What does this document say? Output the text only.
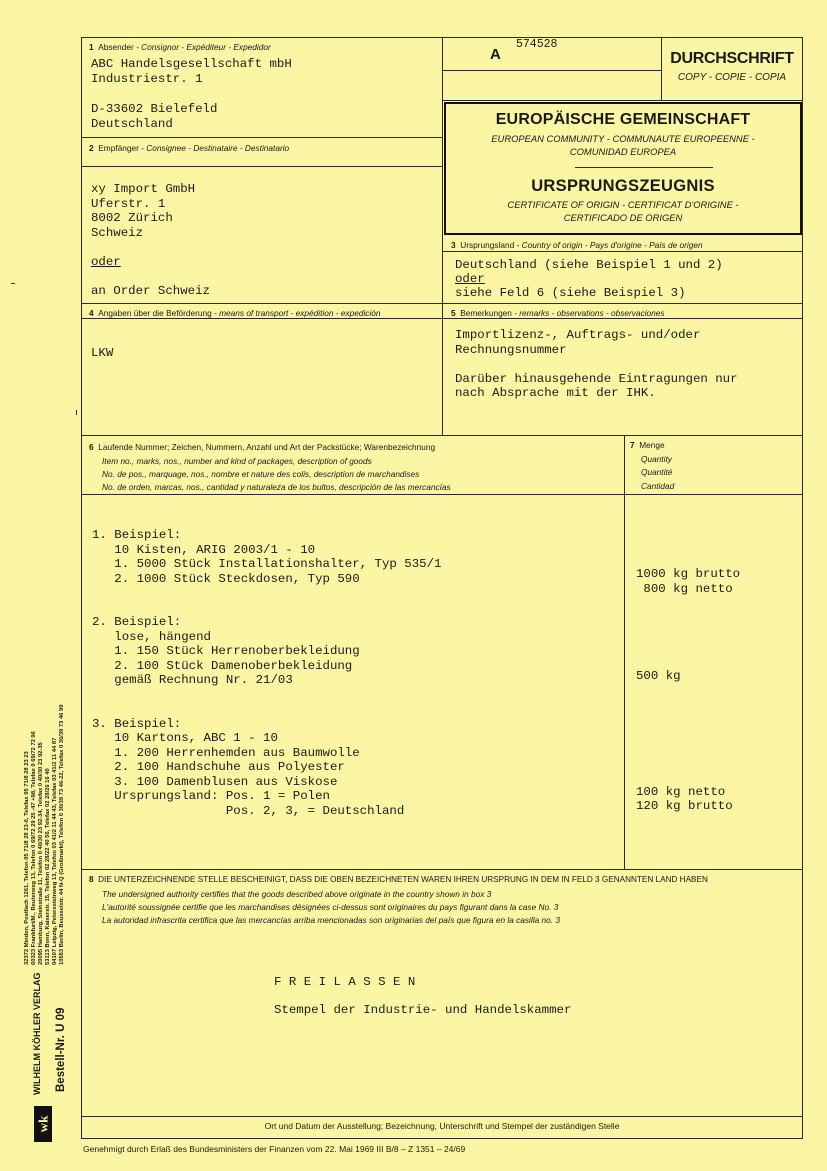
A
574528
DURCHSCHRIFT
COPY - COPIE - COPIA
EUROPÄISCHE GEMEINSCHAFT
EUROPEAN COMMUNITY - COMMUNAUTE EUROPEENNE -
COMUNIDAD EUROPEA
URSPRUNGSZEUGNIS
CERTIFICATE OF ORIGIN - CERTIFICAT D'ORIGINE -
CERTIFICADO DE ORIGEN
1 Absender - Consignor - Expéditeur - Expedidor
ABC Handelsgesellschaft mbH
Industriestr. 1
D-33602 Bielefeld
Deutschland
2 Empfänger - Consignee - Destinataire - Destinatario
xy Import GmbH
Uferstr. 1
8002 Zürich
Schweiz
oder
an Order Schweiz
3 Ursprungsland - Country of origin - Pays d'origine - País de origen
Deutschland (siehe Beispiel 1 und 2)
oder
siehe Feld 6 (siehe Beispiel 3)
4 Angaben über die Beförderung - means of transport - expédition - expedición
LKW
5 Bemerkungen - remarks - observations - observaciones
Importlizenz-, Auftrags- und/oder
Rechnungsnummer
Darüber hinausgehende Eintragungen nur
nach Absprache mit der IHK.
6 Laufende Nummer; Zeichen, Nummern, Anzahl und Art der Packstücke; Warenbezeichnung
Item no., marks, nos., number and kind of packages, description of goods
No. de pos., marquage, nos., nombre et nature des colis, description de marchandises
No. de orden, marcas, nos., cantidad y naturaleza de los bultos, descripción de las mercancías
7 Menge
Quantity
Quantité
Cantidad
1. Beispiel:
10 Kisten, ARIG 2003/1 - 10
1. 5000 Stück Installationshalter, Typ 535/1
2. 1000 Stück Steckdosen, Typ 590

2. Beispiel:
lose, hängend
1. 150 Stück Herrenoberbekleidung
2. 100 Stück Damenoberbekleidung
gemäß Rechnung Nr. 21/03

3. Beispiel:
10 Kartons, ABC 1 - 10
1. 200 Herrenhemden aus Baumwolle
2. 100 Handschuhe aus Polyester
3. 100 Damenblusen aus Viskose
Ursprungsland: Pos. 1 = Polen
Pos. 2, 3, = Deutschland
1000 kg brutto
800 kg netto
500 kg
100 kg netto
120 kg brutto
8 DIE UNTERZEICHNENDE STELLE BESCHEINIGT, DASS DIE OBEN BEZEICHNETEN WAREN IHREN URSPRUNG IN DEM IN FELD 3 GENANNTEN LAND HABEN
The undersigned authority certifies that the goods described above originate in the country shown in box 3
L'autorité soussignée certifie que les marchandises désignées ci-dessus sont originaires du pays figurant dans la case No. 3
La autoridad infrascrita certifica que las mercancías arriba mencionadas son originarias del país que figura en la casilla no. 3
F R E I L A S S E N
Stempel der Industrie- und Handelskammer
Ort und Datum der Ausstellung; Bezeichnung, Unterschrift und Stempel der zuständigen Stelle
Genehmigt durch Erlaß des Bundesministers der Finanzen vom 22. Mai 1969 III B/8 – Z 1351 – 24/69
wk
WILHELM KÖHLER VERLAG Bestell-Nr. U 09
32372 Minden, Postfach 1261, Telefon 05 71/8 28 23-0, Telefax 05 71/8 28 23 23 60323 Frankfurt/M., Reuterweg 13, Telefon 0 69/72 29 25 -47 +98, Telefax 0 69/72 72 96 20095 Hamburg, Steinstraße 11, Telefon 0 40/30 23 92-34, Telefax 0 40/30 23 92-35 53113 Bonn, Kaiserstr. 15, Telefon 02 28/22 40 50, Telefax 02 28/26 16 40 04107 Leipzig, Peterssteinweg 13, Telefon 03 41/2 11 44 43, Telefax 03 41/2 11 44 87 10553 Berlin, Beusselstr. 44 N-Q (Großmarkt), Telefon 0 30/39 73 46-22, Telefax 0 30/39 73 46 99
